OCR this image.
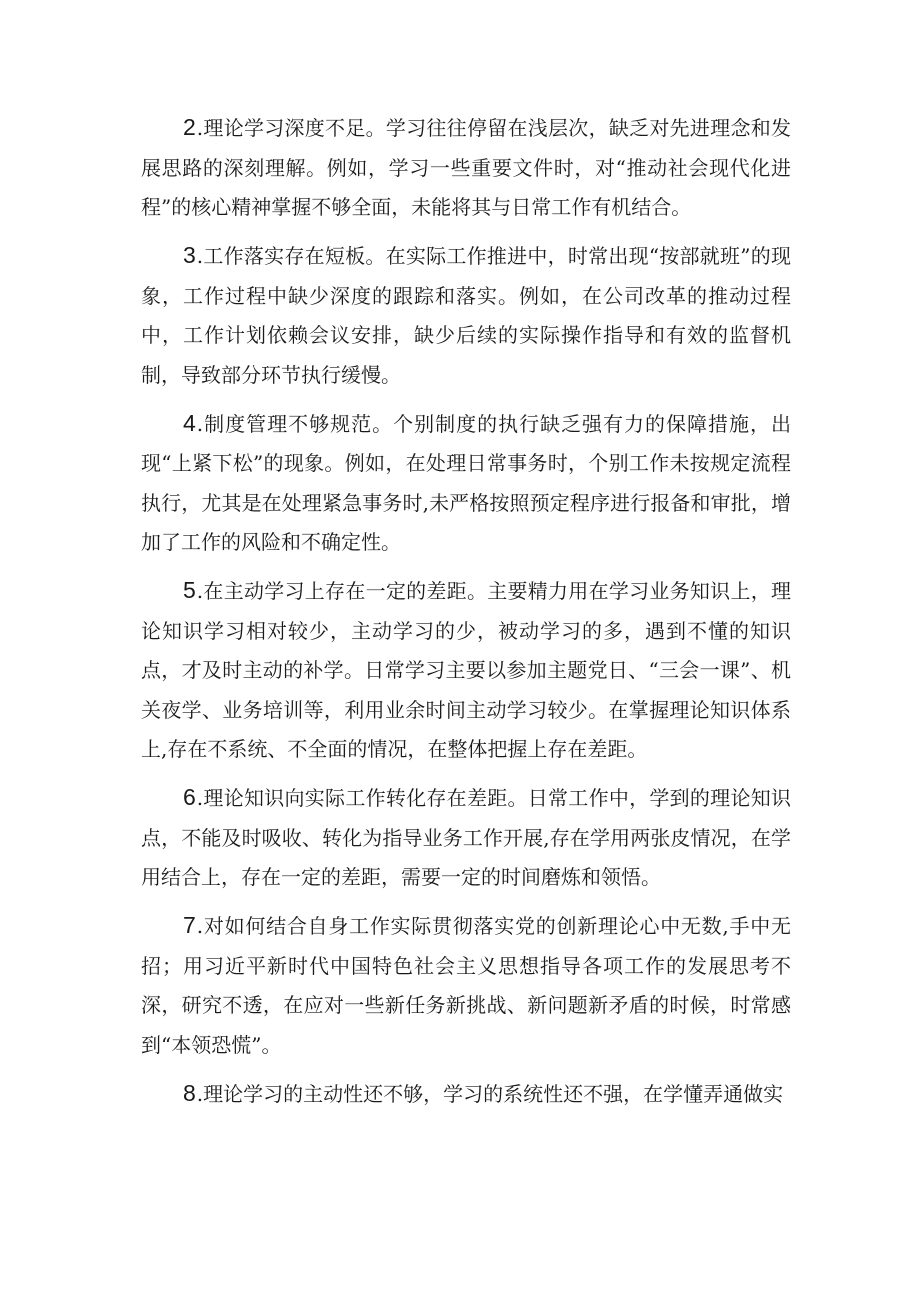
2.理论学习深度不足。学习往往停留在浅层次，缺乏对先进理念和发展思路的深刻理解。例如，学习一些重要文件时，对“推动社会现代化进程”的核心精神掌握不够全面，未能将其与日常工作有机结合。

3.工作落实存在短板。在实际工作推进中，时常出现“按部就班”的现象，工作过程中缺少深度的跟踪和落实。例如，在公司改革的推动过程中，工作计划依赖会议安排，缺少后续的实际操作指导和有效的监督机制，导致部分环节执行缓慢。

4.制度管理不够规范。个别制度的执行缺乏强有力的保障措施，出现“上紧下松”的现象。例如，在处理日常事务时，个别工作未按规定流程执行，尤其是在处理紧急事务时,未严格按照预定程序进行报备和审批，增加了工作的风险和不确定性。

5.在主动学习上存在一定的差距。主要精力用在学习业务知识上，理论知识学习相对较少，主动学习的少，被动学习的多，遇到不懂的知识点，才及时主动的补学。日常学习主要以参加主题党日、“三会一课”、机关夜学、业务培训等，利用业余时间主动学习较少。在掌握理论知识体系上,存在不系统、不全面的情况，在整体把握上存在差距。

6.理论知识向实际工作转化存在差距。日常工作中，学到的理论知识点，不能及时吸收、转化为指导业务工作开展,存在学用两张皮情况，在学用结合上，存在一定的差距，需要一定的时间磨炼和领悟。

7.对如何结合自身工作实际贯彻落实党的创新理论心中无数,手中无招；用习近平新时代中国特色社会主义思想指导各项工作的发展思考不深，研究不透，在应对一些新任务新挑战、新问题新矛盾的时候，时常感到“本领恐慌”。

8.理论学习的主动性还不够，学习的系统性还不强，在学懂弄通做实
